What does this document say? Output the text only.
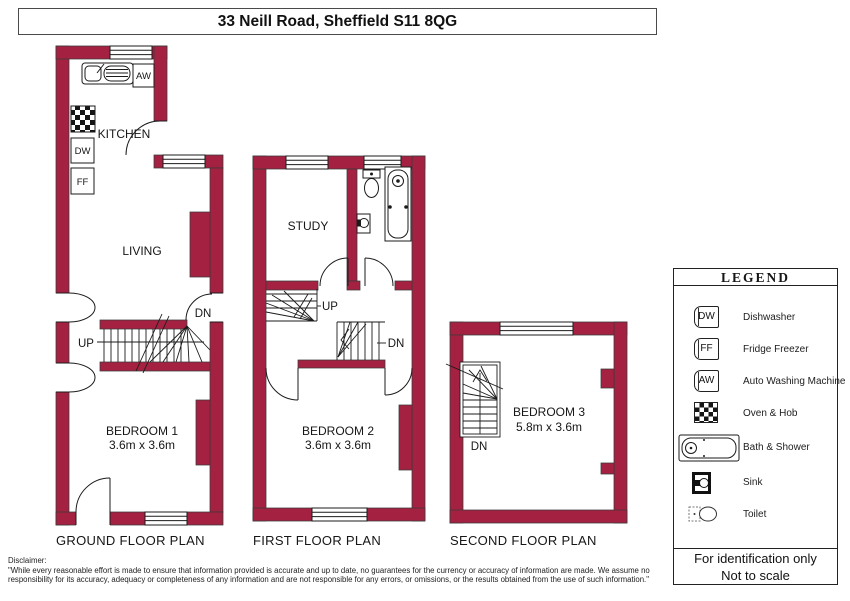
33 Neill Road, Sheffield S11 8QG
AW
DW
FF
KITCHEN
LIVING
BEDROOM 1
3.6m x 3.6m
UP
DN
GROUND FLOOR PLAN
STUDY
BEDROOM 2
3.6m x 3.6m
UP
DN
FIRST FLOOR PLAN
BEDROOM 3
5.8m x 3.6m
DN
SECOND FLOOR PLAN
LEGEND
DW	Dishwasher
FF	Fridge Freezer
AW	Auto Washing Machine
Oven & Hob
Bath & Shower
Sink
Toilet
For identification only
Not to scale
Disclaimer:
"While every reasonable effort is made to ensure that information provided is accurate and up to date, no guarantees for the currency or accuracy of information are made. We assume no
responsibility for its accuracy, adequacy or completeness of any information and are not responsible for any errors, or omissions, or the results obtained from the use of such information."
